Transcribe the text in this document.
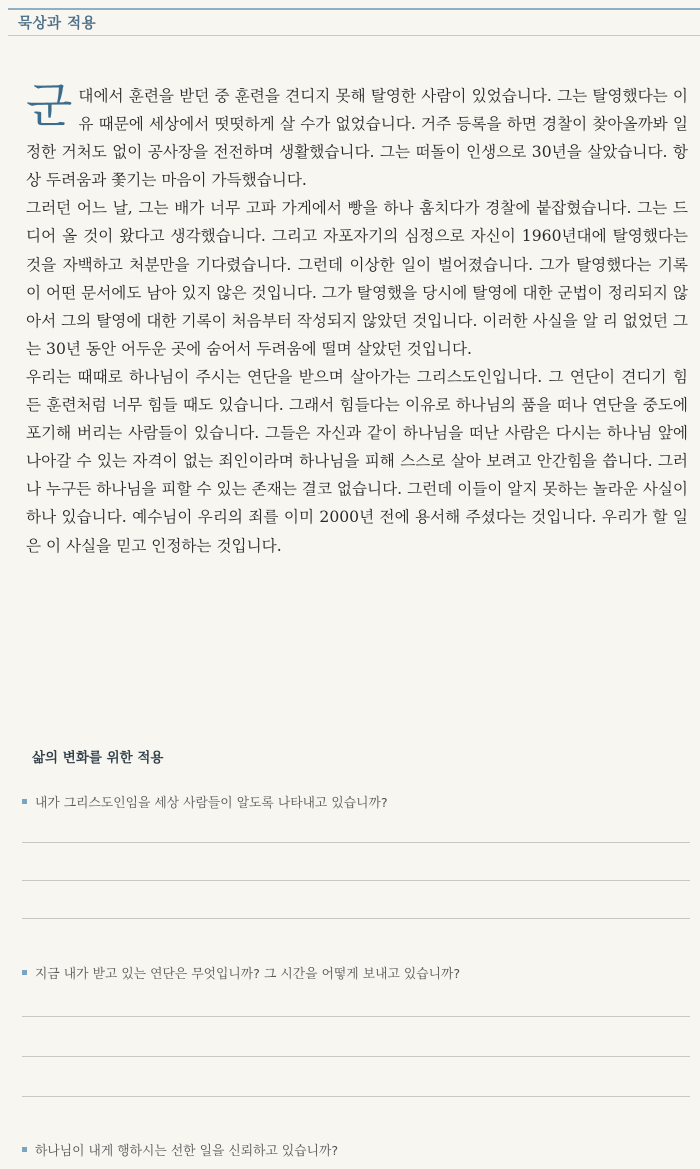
묵상과 적용

군대에서 훈련을 받던 중 훈련을 견디지 못해 탈영한 사람이 있었습니다. 그는 탈영했다는 이유 때문에 세상에서 떳떳하게 살 수가 없었습니다. 거주 등록을 하면 경찰이 찾아올까봐 일정한 거처도 없이 공사장을 전전하며 생활했습니다. 그는 떠돌이 인생으로 30년을 살았습니다. 항상 두려움과 쫓기는 마음이 가득했습니다.

그러던 어느 날, 그는 배가 너무 고파 가게에서 빵을 하나 훔치다가 경찰에 붙잡혔습니다. 그는 드디어 올 것이 왔다고 생각했습니다. 그리고 자포자기의 심정으로 자신이 1960년대에 탈영했다는 것을 자백하고 처분만을 기다렸습니다. 그런데 이상한 일이 벌어졌습니다. 그가 탈영했다는 기록이 어떤 문서에도 남아 있지 않은 것입니다. 그가 탈영했을 당시에 탈영에 대한 군법이 정리되지 않아서 그의 탈영에 대한 기록이 처음부터 작성되지 않았던 것입니다. 이러한 사실을 알 리 없었던 그는 30년 동안 어두운 곳에 숨어서 두려움에 떨며 살았던 것입니다.

우리는 때때로 하나님이 주시는 연단을 받으며 살아가는 그리스도인입니다. 그 연단이 견디기 힘든 훈련처럼 너무 힘들 때도 있습니다. 그래서 힘들다는 이유로 하나님의 품을 떠나 연단을 중도에 포기해 버리는 사람들이 있습니다. 그들은 자신과 같이 하나님을 떠난 사람은 다시는 하나님 앞에 나아갈 수 있는 자격이 없는 죄인이라며 하나님을 피해 스스로 살아 보려고 안간힘을 씁니다. 그러나 누구든 하나님을 피할 수 있는 존재는 결코 없습니다. 그런데 이들이 알지 못하는 놀라운 사실이 하나 있습니다. 예수님이 우리의 죄를 이미 2000년 전에 용서해 주셨다는 것입니다. 우리가 할 일은 이 사실을 믿고 인정하는 것입니다.

삶의 변화를 위한 적용
내가 그리스도인임을 세상 사람들이 알도록 나타내고 있습니까?
지금 내가 받고 있는 연단은 무엇입니까? 그 시간을 어떻게 보내고 있습니까?
하나님이 내게 행하시는 선한 일을 신뢰하고 있습니까?
